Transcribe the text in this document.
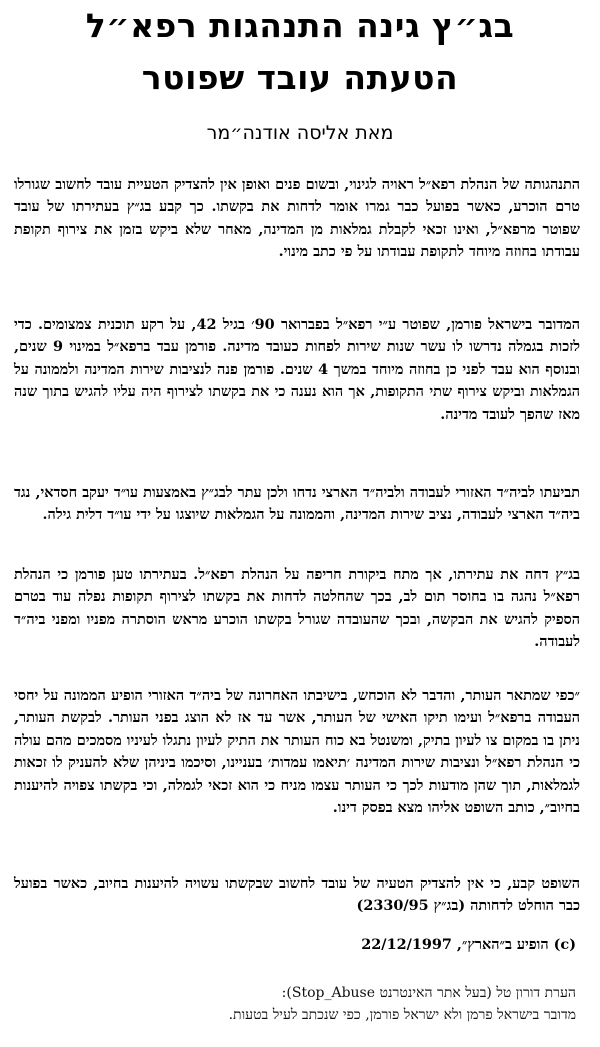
בג״ץ גינה התנהגות רפא״ל
הטעתה עובד שפוטר
מאת אליסה אודנה״מר

התנהגותה של הנהלת רפא״ל ראויה לגינוי, ובשום פנים ואופן אין להצדיק הטעיית עובד לחשוב שגורלו טרם הוכרע, כאשר בפועל כבר גמרו אומר לדחות את בקשתו. כך קבע בג״ץ בעתירתו של עובד שפוטר מרפא״ל, ואינו זכאי לקבלת גמלאות מן המדינה, מאחר שלא ביקש בזמן את צירוף תקופת עבודתו בחוזה מיוחד לתקופת עבודתו על פי כתב מינוי.

המדובר בישראל פורמן, שפוטר ע״י רפא״ל בפברואר 90׳ בגיל 42, על רקע תוכנית צמצומים. כדי לזכות בגמלה נדרשו לו עשר שנות שירות לפחות כעובד מדינה. פורמן עבד ברפא״ל במינוי 9 שנים, ובנוסף הוא עבד לפני כן בחוזה מיוחד במשך 4 שנים. פורמן פנה לנציבות שירות המדינה ולממונה על הגמלאות וביקש צירוף שתי התקופות, אך הוא נענה כי את בקשתו לצירוף היה עליו להגיש בתוך שנה מאז שהפך לעובד מדינה.

תביעתו לביה״ד האזורי לעבודה ולביה״ד הארצי נדחו ולכן עתר לבג״ץ באמצעות עו״ד יעקב חסדאי, נגד ביה״ד הארצי לעבודה, נציב שירות המדינה, והממונה על הגמלאות שיוצגו על ידי עו״ד דלית גילה.

בג״ץ דחה את עתירתו, אך מתח ביקורת חריפה על הנהלת רפא״ל. בעתירתו טען פורמן כי הנהלת רפא״ל נהגה בו בחוסר תום לב, בכך שהחלטה לדחות את בקשתו לצירוף תקופות נפלה עוד בטרם הספיק להגיש את הבקשה, ובכך שהעובדה שגורל בקשתו הוכרע מראש הוסתרה מפניו ומפני ביה״ד לעבודה.

״כפי שמתאר העותר, והדבר לא הוכחש, בישיבתו האחרונה של ביה״ד האזורי הופיע הממונה על יחסי העבודה ברפא״ל ועימו תיקו האישי של העותר, אשר עד אז לא הוצג בפני העותר. לבקשת העותר, ניתן בו במקום צו לעיון בתיק, ומשנטל בא כוח העותר את התיק לעיון נתגלו לעיניו מסמכים מהם עולה כי הנהלת רפא״ל ונציבות שירות המדינה ׳תיאמו עמדות׳ בעניינו, וסיכמו ביניהן שלא להעניק לו זכאות לגמלאות, תוך שהן מודעות לכך כי העותר עצמו מניח כי הוא זכאי לגמלה, וכי בקשתו צפויה להיענות בחיוב״, כותב השופט אליהו מצא בפסק דינו.

השופט קבע, כי אין להצדיק הטעיה של עובד לחשוב שבקשתו עשויה להיענות בחיוב, כאשר בפועל כבר הוחלט לדחותה (בג״ץ 2330/95)

(c) הופיע ב״הארץ״, 22/12/1997
הערת דורון טל (בעל אתר האינטרנט Stop_Abuse):
מדובר בישראל פרמן ולא ישראל פורמן, כפי שנכתב לעיל בטעות.
